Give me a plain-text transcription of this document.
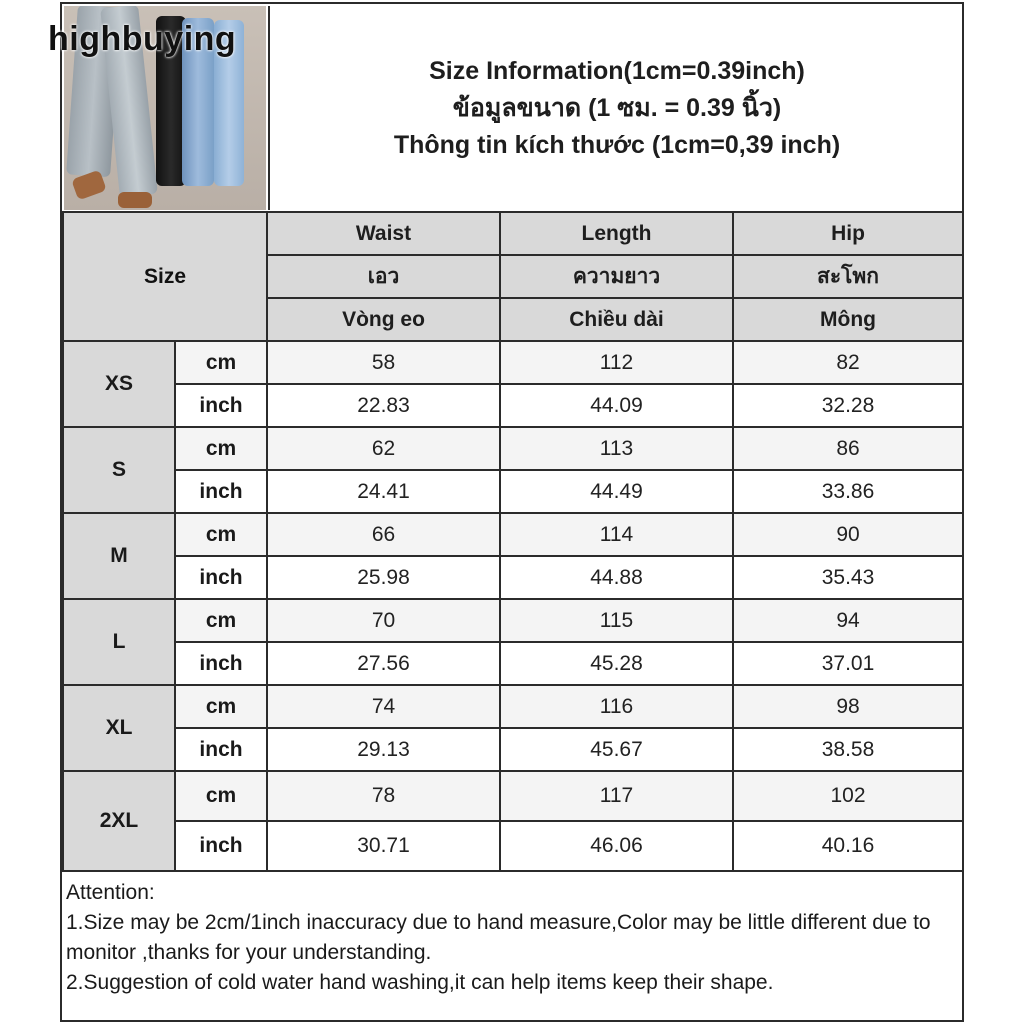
highbuying
Size Information(1cm=0.39inch)
ข้อมูลขนาด (1 ซม. = 0.39 นิ้ว)
Thông tin kích thước (1cm=0,39 inch)
Size		Waist	Length	Hip
		เอว	ความยาว	สะโพก
		Vòng eo	Chiều dài	Mông
XS	cm	58	112	82
	inch	22.83	44.09	32.28
S	cm	62	113	86
	inch	24.41	44.49	33.86
M	cm	66	114	90
	inch	25.98	44.88	35.43
L	cm	70	115	94
	inch	27.56	45.28	37.01
XL	cm	74	116	98
	inch	29.13	45.67	38.58
2XL	cm	78	117	102
	inch	30.71	46.06	40.16

Attention:

1.Size may be 2cm/1inch inaccuracy due to hand measure,Color may be little different due to monitor ,thanks for your understanding.

2.Suggestion of cold water hand washing,it can help items keep their shape.
